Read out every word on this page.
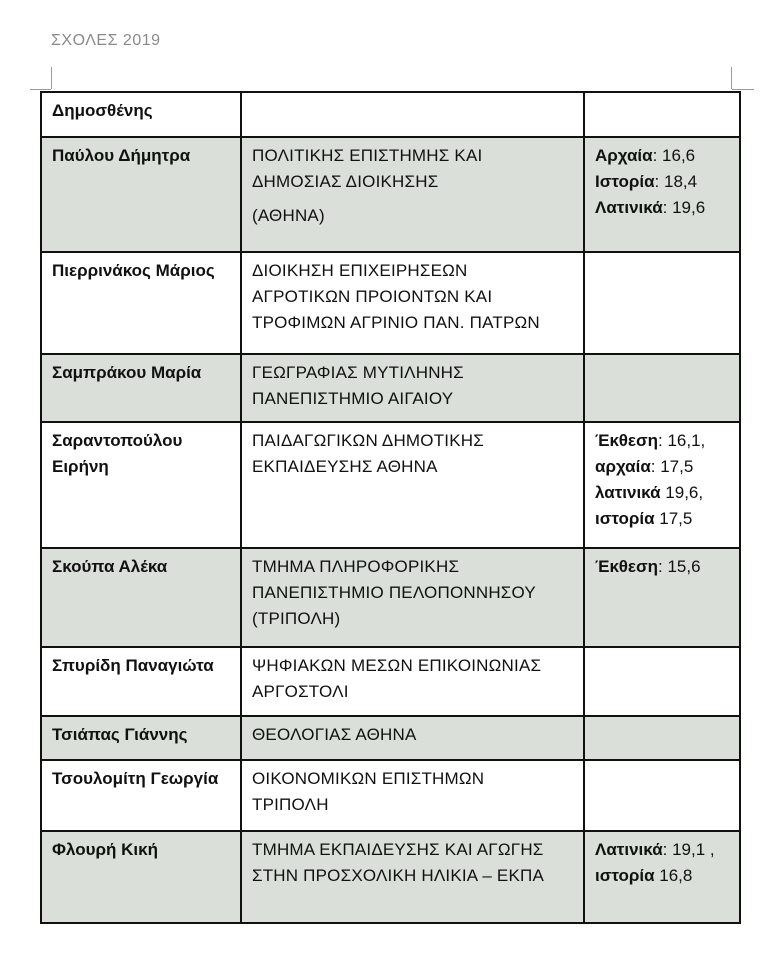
ΣΧΟΛΕΣ 2019
Δημοσθένης		
Παύλου Δήμητρα	ΠΟΛΙΤΙΚΗΣ ΕΠΙΣΤΗΜΗΣ ΚΑΙ
ΔΗΜΟΣΙΑΣ ΔΙΟΙΚΗΣΗΣ
(ΑΘΗΝΑ)	Αρχαία: 16,6
Ιστορία: 18,4
Λατινικά: 19,6

Πιερρινάκος Μάριος	ΔΙΟΙΚΗΣΗ ΕΠΙΧΕΙΡΗΣΕΩΝ
ΑΓΡΟΤΙΚΩΝ ΠΡΟΙΟΝΤΩΝ ΚΑΙ
ΤΡΟΦΙΜΩΝ ΑΓΡΙΝΙΟ ΠΑΝ. ΠΑΤΡΩΝ	

Σαμπράκου Μαρία	ΓΕΩΓΡΑΦΙΑΣ ΜΥΤΙΛΗΝΗΣ
ΠΑΝΕΠΙΣΤΗΜΙΟ ΑΙΓΑΙΟΥ	

Σαραντοπούλου Ειρήνη	ΠΑΙΔΑΓΩΓΙΚΩΝ ΔΗΜΟΤΙΚΗΣ
ΕΚΠΑΙΔΕΥΣΗΣ ΑΘΗΝΑ	Έκθεση: 16,1,
αρχαία: 17,5
λατινικά 19,6,
ιστορία 17,5

Σκούπα Αλέκα	ΤΜΗΜΑ ΠΛΗΡΟΦΟΡΙΚΗΣ
ΠΑΝΕΠΙΣΤΗΜΙΟ ΠΕΛΟΠΟΝΝΗΣΟΥ
(ΤΡΙΠΟΛΗ)	Έκθεση: 15,6

Σπυρίδη Παναγιώτα	ΨΗΦΙΑΚΩΝ ΜΕΣΩΝ ΕΠΙΚΟΙΝΩΝΙΑΣ
ΑΡΓΟΣΤΟΛΙ	

Τσιάπας Γιάννης	ΘΕΟΛΟΓΙΑΣ ΑΘΗΝΑ	

Τσουλομίτη Γεωργία	ΟΙΚΟΝΟΜΙΚΩΝ ΕΠΙΣΤΗΜΩΝ
ΤΡΙΠΟΛΗ	

Φλουρή Κική	ΤΜΗΜΑ ΕΚΠΑΙΔΕΥΣΗΣ ΚΑΙ ΑΓΩΓΗΣ
ΣΤΗΝ ΠΡΟΣΧΟΛΙΚΗ ΗΛΙΚΙΑ – ΕΚΠΑ	Λατινικά: 19,1 ,
ιστορία 16,8
